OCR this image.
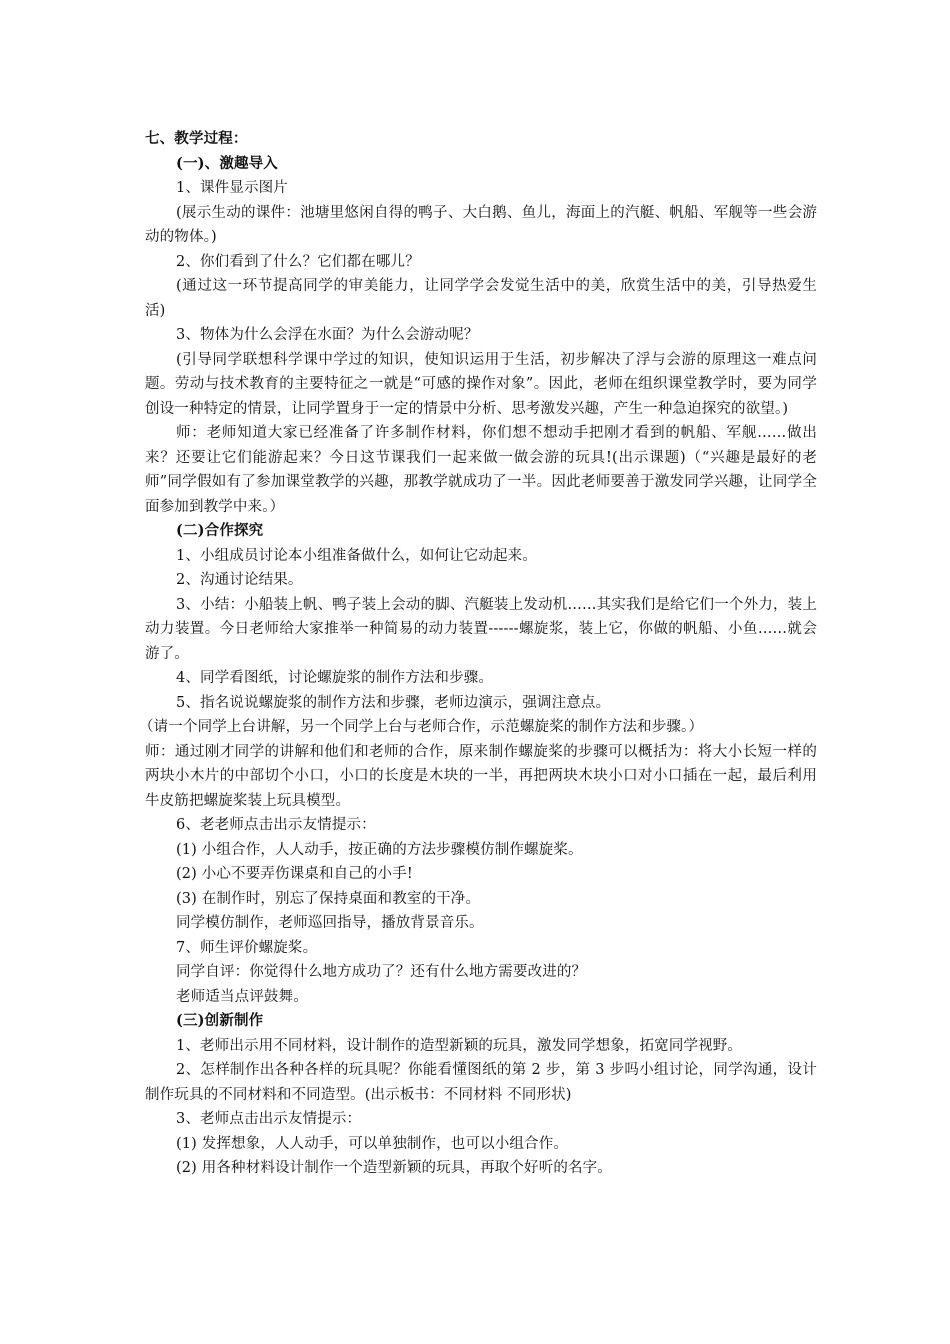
七、教学过程：

(一)、激趣导入

1、课件显示图片

(展示生动的课件：池塘里悠闲自得的鸭子、大白鹅、鱼儿，海面上的汽艇、帆船、军舰等一些会游动的物体。)

2、你们看到了什么？它们都在哪儿？

(通过这一环节提高同学的审美能力，让同学学会发觉生活中的美，欣赏生活中的美，引导热爱生活)

3、物体为什么会浮在水面？为什么会游动呢？

(引导同学联想科学课中学过的知识，使知识运用于生活，初步解决了浮与会游的原理这一难点问题。劳动与技术教育的主要特征之一就是“可感的操作对象”。因此，老师在组织课堂教学时，要为同学创设一种特定的情景，让同学置身于一定的情景中分析、思考激发兴趣，产生一种急迫探究的欲望。)

师：老师知道大家已经准备了许多制作材料，你们想不想动手把刚才看到的帆船、军舰……做出来？还要让它们能游起来？今日这节课我们一起来做一做会游的玩具!(出示课题)（“兴趣是最好的老师”同学假如有了参加课堂教学的兴趣，那教学就成功了一半。因此老师要善于激发同学兴趣，让同学全面参加到教学中来。）

(二)合作探究

1、小组成员讨论本小组准备做什么，如何让它动起来。

2、沟通讨论结果。

3、小结：小船装上帆、鸭子装上会动的脚、汽艇装上发动机……其实我们是给它们一个外力，装上 动力装置。今日老师给大家推举一种简易的动力装置------螺旋浆，装上它，你做的帆船、小鱼……就会游了。

4、同学看图纸，讨论螺旋浆的制作方法和步骤。

5、指名说说螺旋浆的制作方法和步骤，老师边演示，强调注意点。

（请一个同学上台讲解，另一个同学上台与老师合作，示范螺旋桨的制作方法和步骤。）

师：通过刚才同学的讲解和他们和老师的合作，原来制作螺旋桨的步骤可以概括为：将大小长短一样的两块小木片的中部切个小口，小口的长度是木块的一半，再把两块木块小口对小口插在一起，最后利用牛皮筋把螺旋桨装上玩具模型。

6、老老师点击出示友情提示：

(1) 小组合作，人人动手，按正确的方法步骤模仿制作螺旋桨。

(2) 小心不要弄伤课桌和自己的小手!

(3) 在制作时，别忘了保持桌面和教室的干净。

同学模仿制作，老师巡回指导，播放背景音乐。

7、师生评价螺旋桨。

同学自评：你觉得什么地方成功了？还有什么地方需要改进的？

老师适当点评鼓舞。

(三)创新制作

1、老师出示用不同材料，设计制作的造型新颖的玩具，激发同学想象，拓宽同学视野。

2、怎样制作出各种各样的玩具呢？你能看懂图纸的第 2 步，第 3 步吗小组讨论，同学沟通，设计制作玩具的不同材料和不同造型。(出示板书：不同材料 不同形状)

3、老师点击出示友情提示：

(1) 发挥想象，人人动手，可以单独制作，也可以小组合作。

(2) 用各种材料设计制作一个造型新颖的玩具，再取个好听的名字。
